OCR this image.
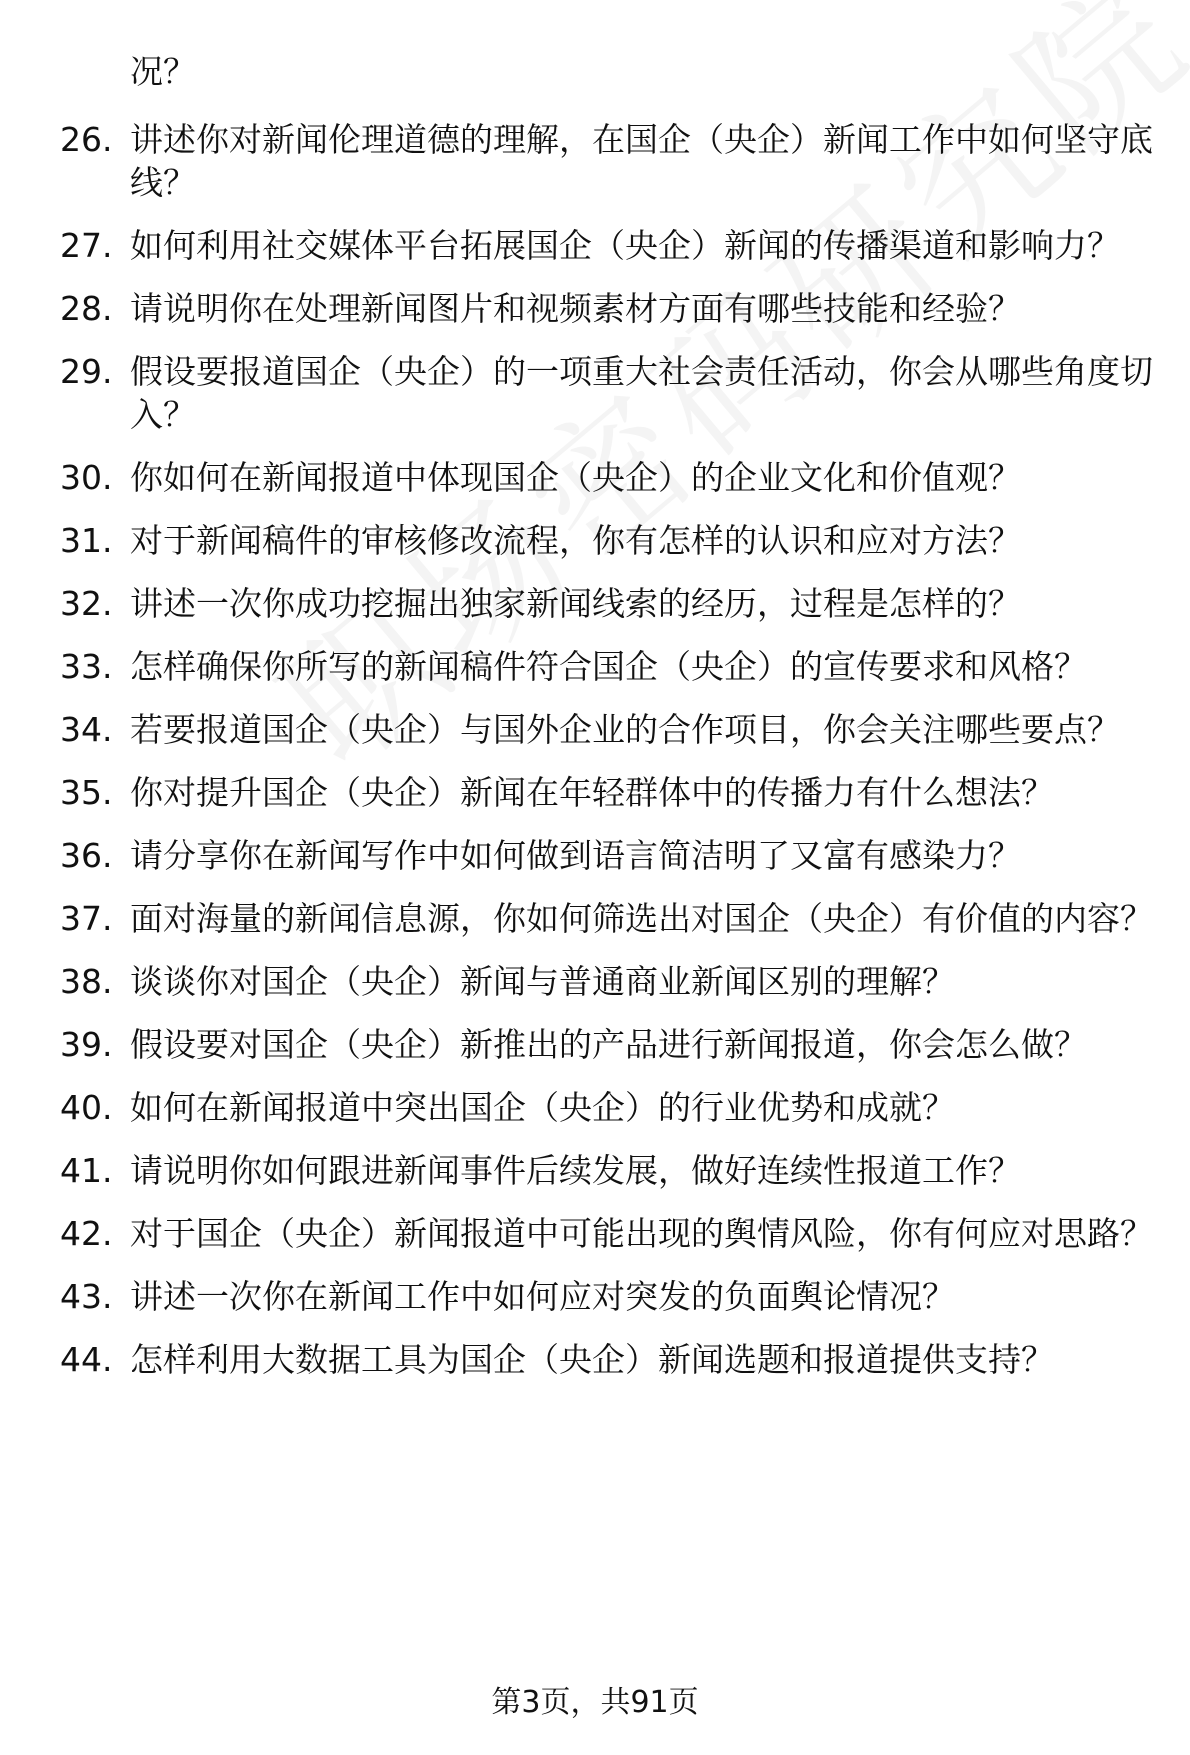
况？
26. 讲述你对新闻伦理道德的理解，在国企（央企）新闻工作中如何坚守底线？
27. 如何利用社交媒体平台拓展国企（央企）新闻的传播渠道和影响力？
28. 请说明你在处理新闻图片和视频素材方面有哪些技能和经验？
29. 假设要报道国企（央企）的一项重大社会责任活动，你会从哪些角度切入？
30. 你如何在新闻报道中体现国企（央企）的企业文化和价值观？
31. 对于新闻稿件的审核修改流程，你有怎样的认识和应对方法？
32. 讲述一次你成功挖掘出独家新闻线索的经历，过程是怎样的？
33. 怎样确保你所写的新闻稿件符合国企（央企）的宣传要求和风格？
34. 若要报道国企（央企）与国外企业的合作项目，你会关注哪些要点？
35. 你对提升国企（央企）新闻在年轻群体中的传播力有什么想法？
36. 请分享你在新闻写作中如何做到语言简洁明了又富有感染力？
37. 面对海量的新闻信息源，你如何筛选出对国企（央企）有价值的内容？
38. 谈谈你对国企（央企）新闻与普通商业新闻区别的理解？
39. 假设要对国企（央企）新推出的产品进行新闻报道，你会怎么做？
40. 如何在新闻报道中突出国企（央企）的行业优势和成就？
41. 请说明你如何跟进新闻事件后续发展，做好连续性报道工作？
42. 对于国企（央企）新闻报道中可能出现的舆情风险，你有何应对思路？
43. 讲述一次你在新闻工作中如何应对突发的负面舆论情况？
44. 怎样利用大数据工具为国企（央企）新闻选题和报道提供支持？
第3页，共91页
